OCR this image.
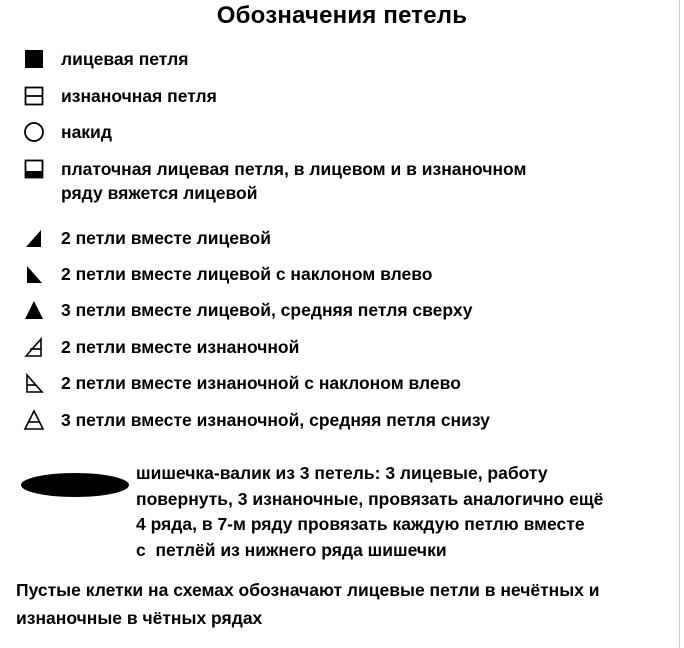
Обозначения петель
лицевая петля
изнаночная петля
накид
платочная лицевая петля, в лицевом и в изнаночном
ряду вяжется лицевой
2 петли вместе лицевой
2 петли вместе лицевой с наклоном влево
3 петли вместе лицевой, средняя петля сверху
2 петли вместе изнаночной
2 петли вместе изнаночной с наклоном влево
3 петли вместе изнаночной, средняя петля снизу
шишечка-валик из 3 петель: 3 лицевые, работу
повернуть, 3 изнаночные, провязать аналогично ещё
4 ряда, в 7-м ряду провязать каждую петлю вместе
с  петлёй из нижнего ряда шишечки
Пустые клетки на схемах обозначают лицевые петли в нечётных и
изнаночные в чётных рядах
